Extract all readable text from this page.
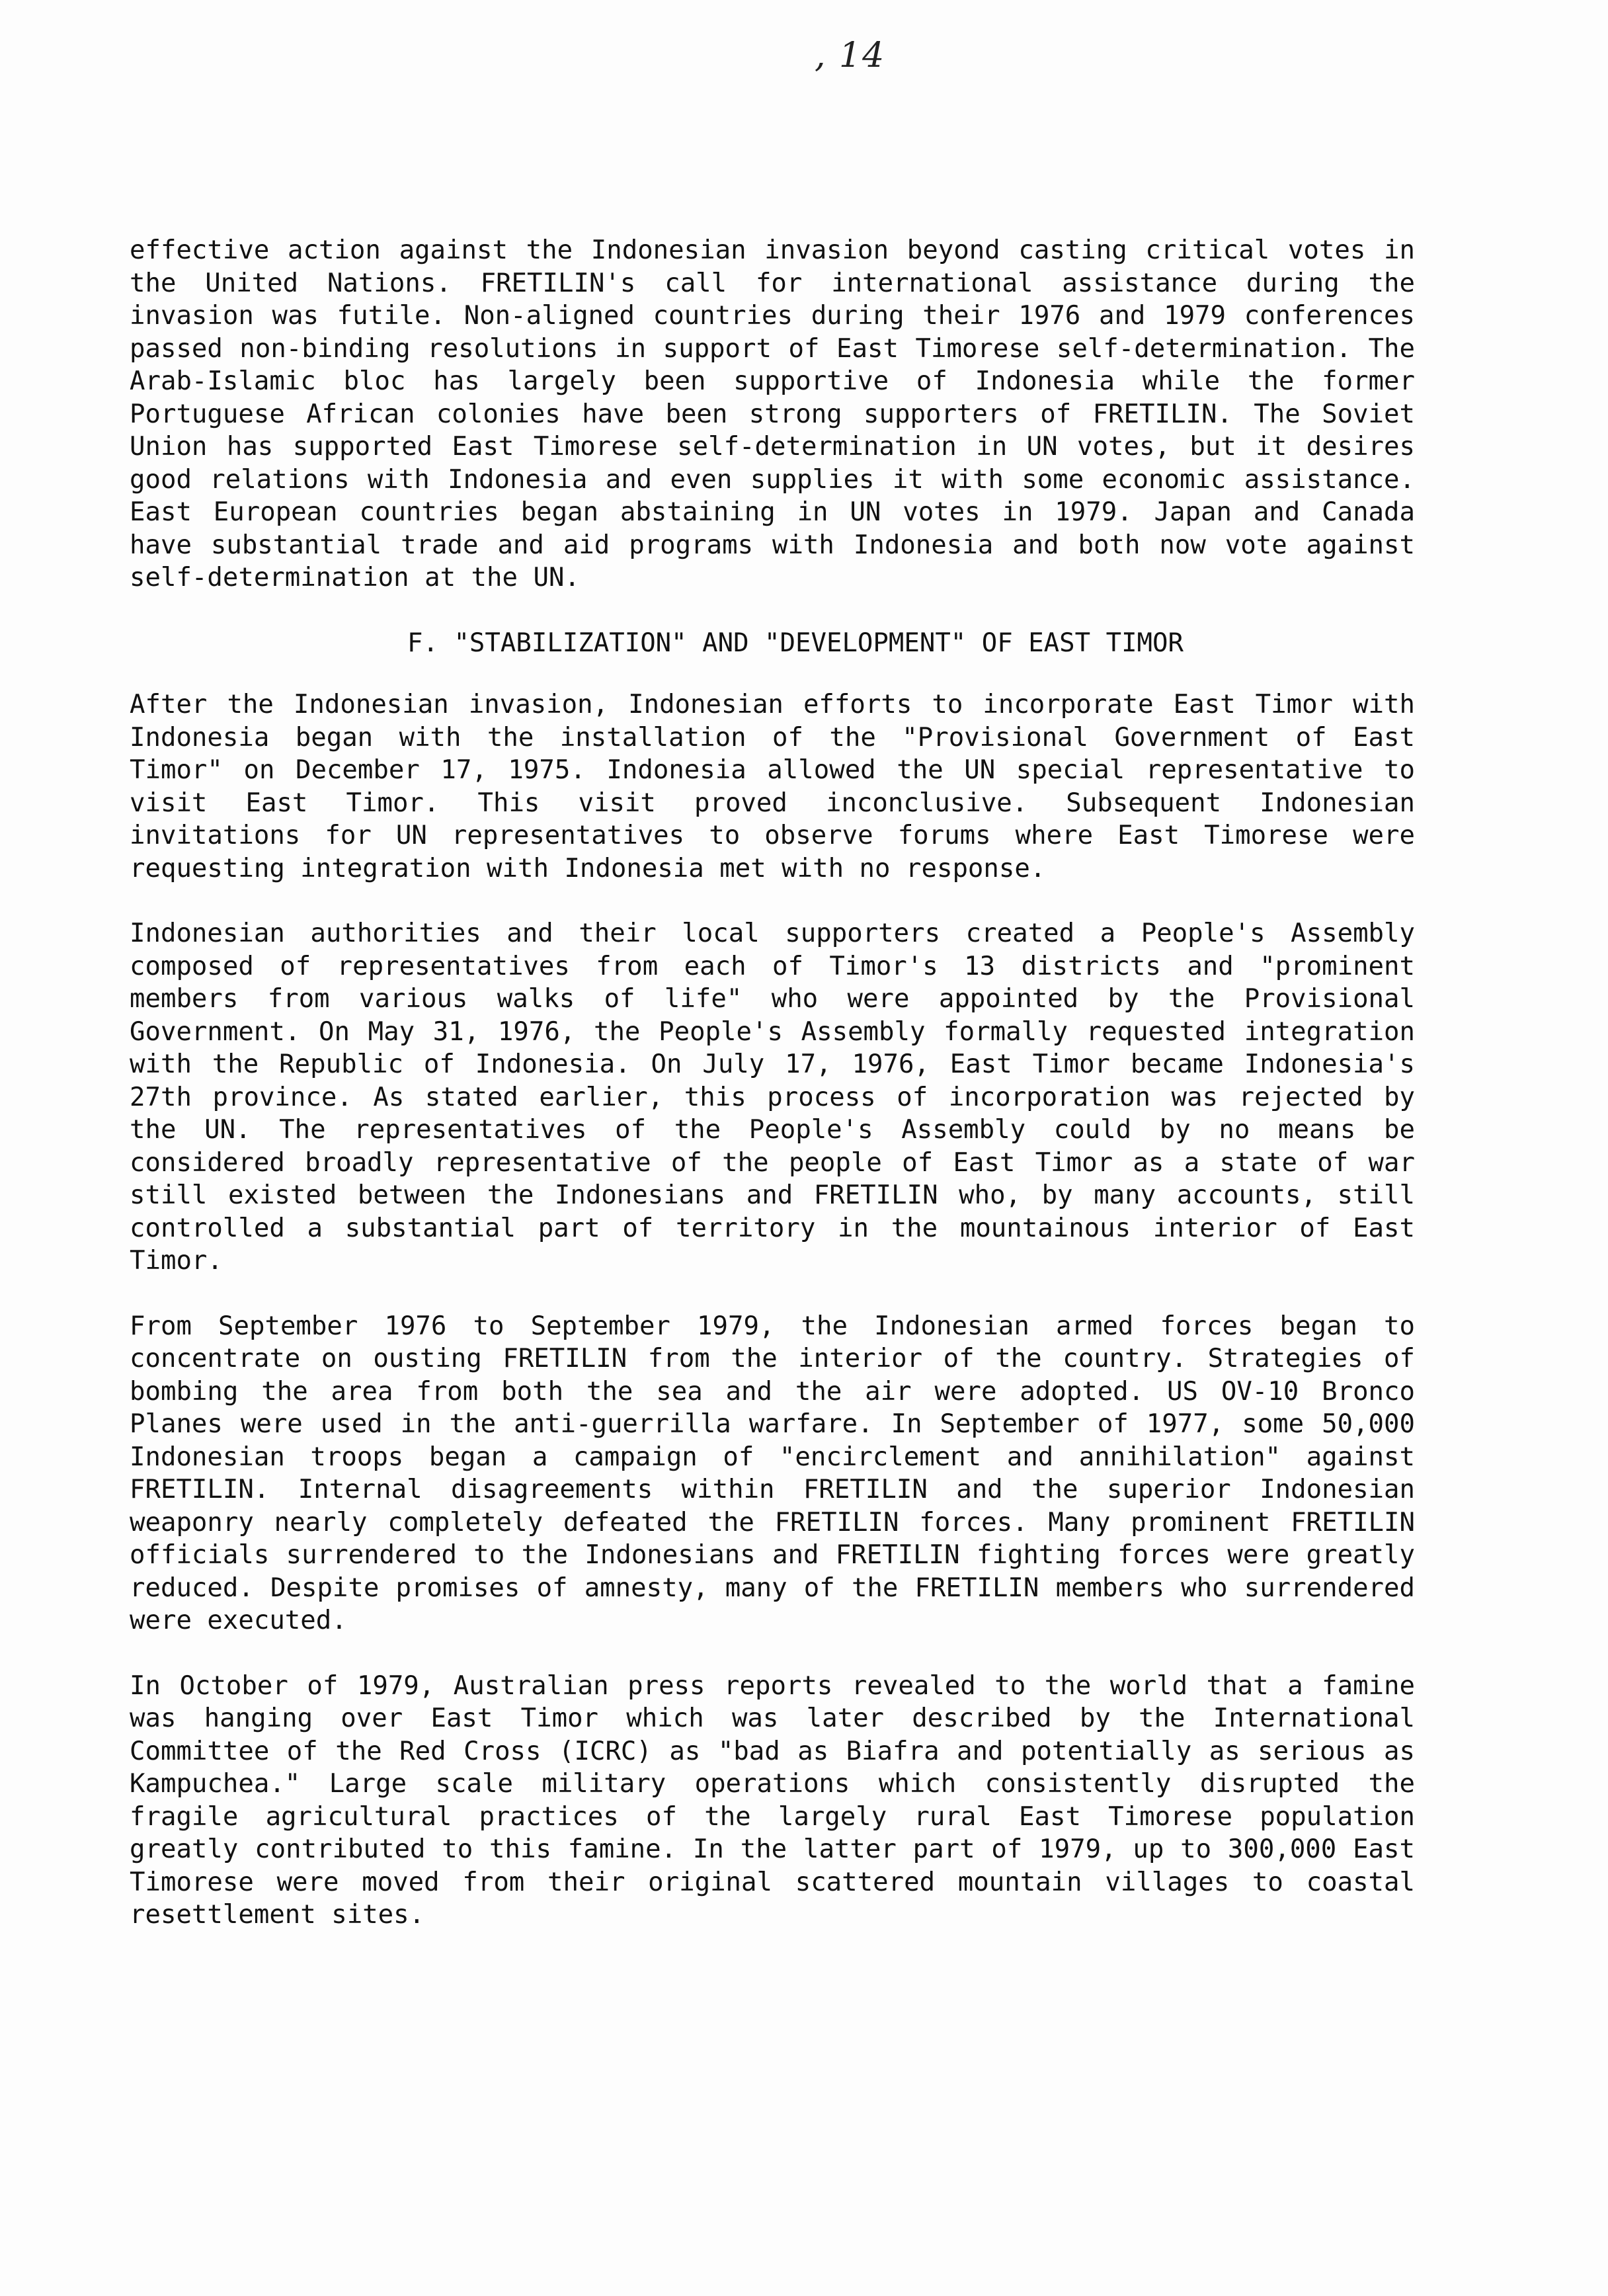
, 14

effective action against the Indonesian invasion beyond casting critical votes in the United Nations. FRETILIN's call for international assistance during the invasion was futile. Non-aligned countries during their 1976 and 1979 conferences passed non-binding resolutions in support of East Timorese self-determination. The Arab-Islamic bloc has largely been supportive of Indonesia while the former Portuguese African colonies have been strong supporters of FRETILIN. The Soviet Union has supported East Timorese self-determination in UN votes, but it desires good relations with Indonesia and even supplies it with some economic assistance. East European countries began abstaining in UN votes in 1979. Japan and Canada have substantial trade and aid programs with Indonesia and both now vote against self-determination at the UN.

F. "STABILIZATION" AND "DEVELOPMENT" OF EAST TIMOR

After the Indonesian invasion, Indonesian efforts to incorporate East Timor with Indonesia began with the installation of the "Provisional Government of East Timor" on December 17, 1975. Indonesia allowed the UN special representative to visit East Timor. This visit proved inconclusive. Subsequent Indonesian invitations for UN representatives to observe forums where East Timorese were requesting integration with Indonesia met with no response.

Indonesian authorities and their local supporters created a People's Assembly composed of representatives from each of Timor's 13 districts and "prominent members from various walks of life" who were appointed by the Provisional Government. On May 31, 1976, the People's Assembly formally requested integration with the Republic of Indonesia. On July 17, 1976, East Timor became Indonesia's 27th province. As stated earlier, this process of incorporation was rejected by the UN. The representatives of the People's Assembly could by no means be considered broadly representative of the people of East Timor as a state of war still existed between the Indonesians and FRETILIN who, by many accounts, still controlled a substantial part of territory in the mountainous interior of East Timor.

From September 1976 to September 1979, the Indonesian armed forces began to concentrate on ousting FRETILIN from the interior of the country. Strategies of bombing the area from both the sea and the air were adopted. US OV-10 Bronco Planes were used in the anti-guerrilla warfare. In September of 1977, some 50,000 Indonesian troops began a campaign of "encirclement and annihilation" against FRETILIN. Internal disagreements within FRETILIN and the superior Indonesian weaponry nearly completely defeated the FRETILIN forces. Many prominent FRETILIN officials surrendered to the Indonesians and FRETILIN fighting forces were greatly reduced. Despite promises of amnesty, many of the FRETILIN members who surrendered were executed.

In October of 1979, Australian press reports revealed to the world that a famine was hanging over East Timor which was later described by the International Committee of the Red Cross (ICRC) as "bad as Biafra and potentially as serious as Kampuchea." Large scale military operations which consistently disrupted the fragile agricultural practices of the largely rural East Timorese population greatly contributed to this famine. In the latter part of 1979, up to 300,000 East Timorese were moved from their original scattered mountain villages to coastal resettlement sites.
